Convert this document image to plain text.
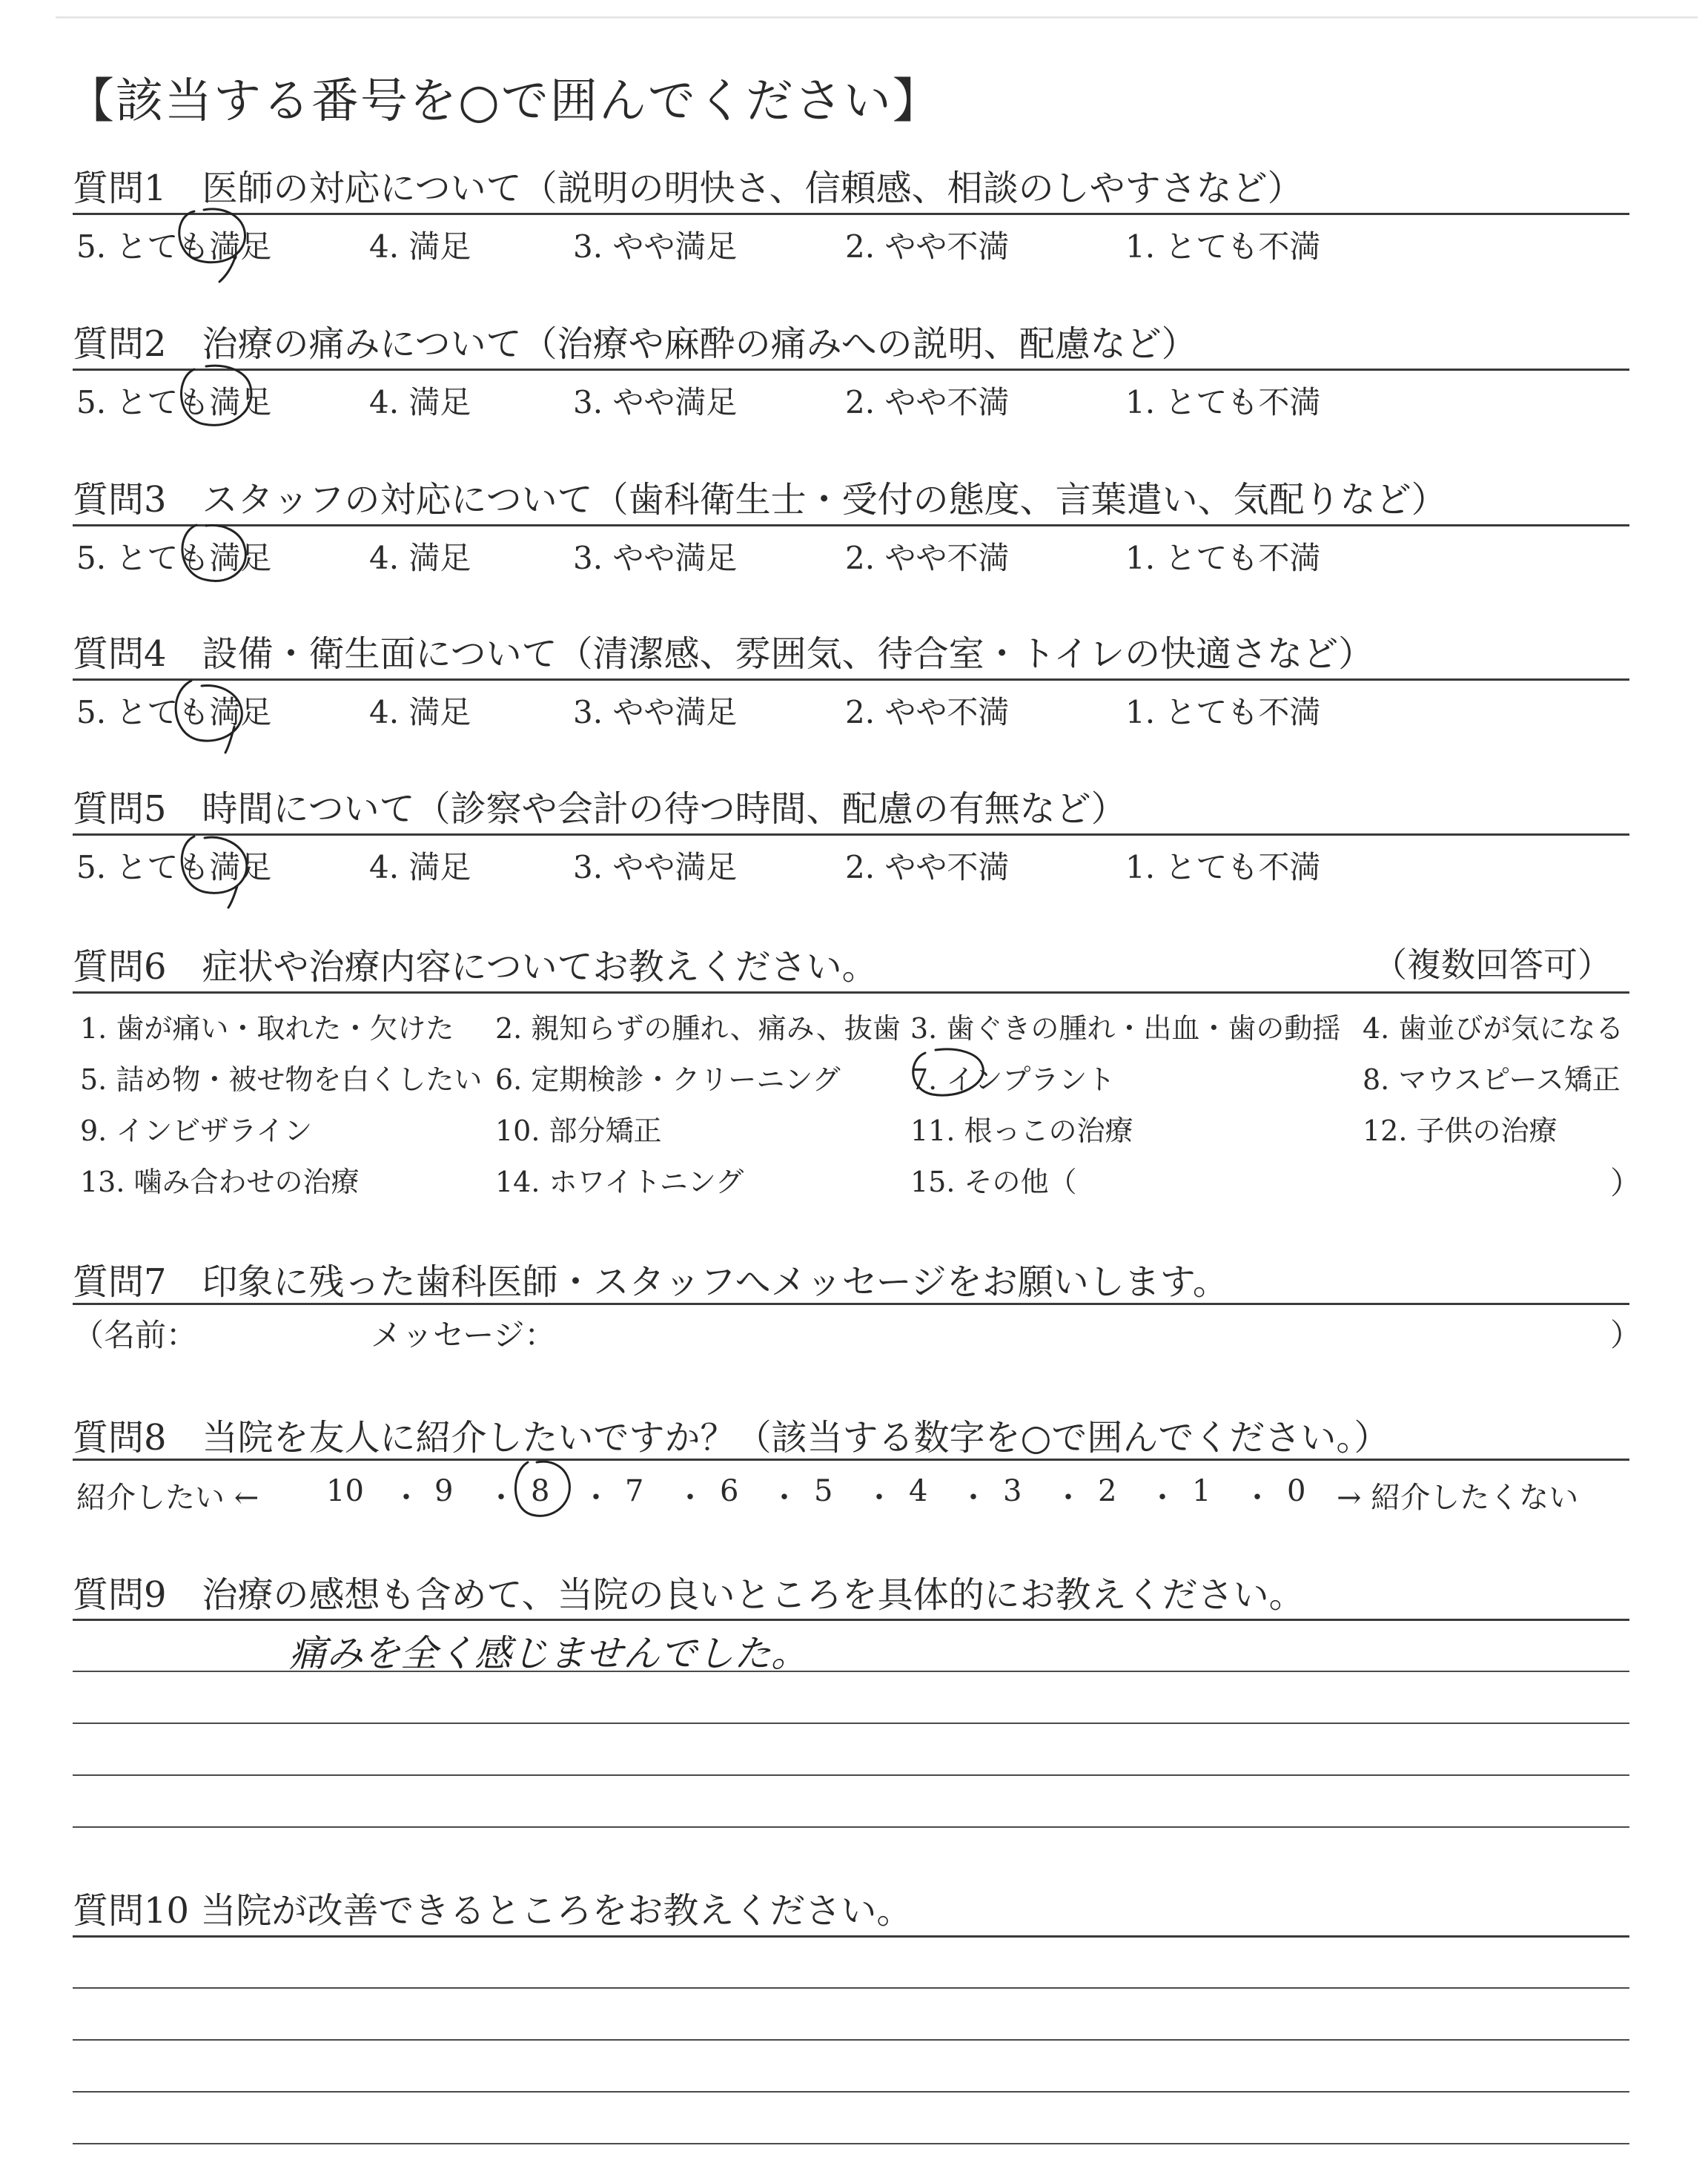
【該当する番号を○で囲んでください】
質問1　医師の対応について（説明の明快さ、信頼感、相談のしやすさなど）
5. とても満足	4. 満足	3. やや満足	2. やや不満	1. とても不満
質問2　治療の痛みについて（治療や麻酔の痛みへの説明、配慮など）
5. とても満足	4. 満足	3. やや満足	2. やや不満	1. とても不満
質問3　スタッフの対応について（歯科衛生士・受付の態度、言葉遣い、気配りなど）
5. とても満足	4. 満足	3. やや満足	2. やや不満	1. とても不満
質問4　設備・衛生面について（清潔感、雰囲気、待合室・トイレの快適さなど）
5. とても満足	4. 満足	3. やや満足	2. やや不満	1. とても不満
質問5　時間について（診察や会計の待つ時間、配慮の有無など）
5. とても満足	4. 満足	3. やや満足	2. やや不満	1. とても不満
質問6　症状や治療内容についてお教えください。	（複数回答可）
1. 歯が痛い・取れた・欠けた 2. 親知らずの腫れ、痛み、抜歯 3. 歯ぐきの腫れ・出血・歯の動揺 4. 歯並びが気になる
5. 詰め物・被せ物を白くしたい 6. 定期検診・クリーニング 7. インプラント	8. マウスピース矯正
9. インビザライン	10. 部分矯正	11. 根っこの治療	12. 子供の治療
13. 噛み合わせの治療	14. ホワイトニング	15. その他（	）
質問7　印象に残った歯科医師・スタッフへメッセージをお願いします。
（名前：	メッセージ：	）
質問8　当院を友人に紹介したいですか？（該当する数字を○で囲んでください。）
紹介したい ← 10 ・ 9 ・ 8 ・ 7 ・ 6 ・ 5 ・ 4 ・ 3 ・ 2 ・ 1 ・ 0 → 紹介したくない
質問9　治療の感想も含めて、当院の良いところを具体的にお教えください。
痛みを全く感じませんでした。
質問10 当院が改善できるところをお教えください。
